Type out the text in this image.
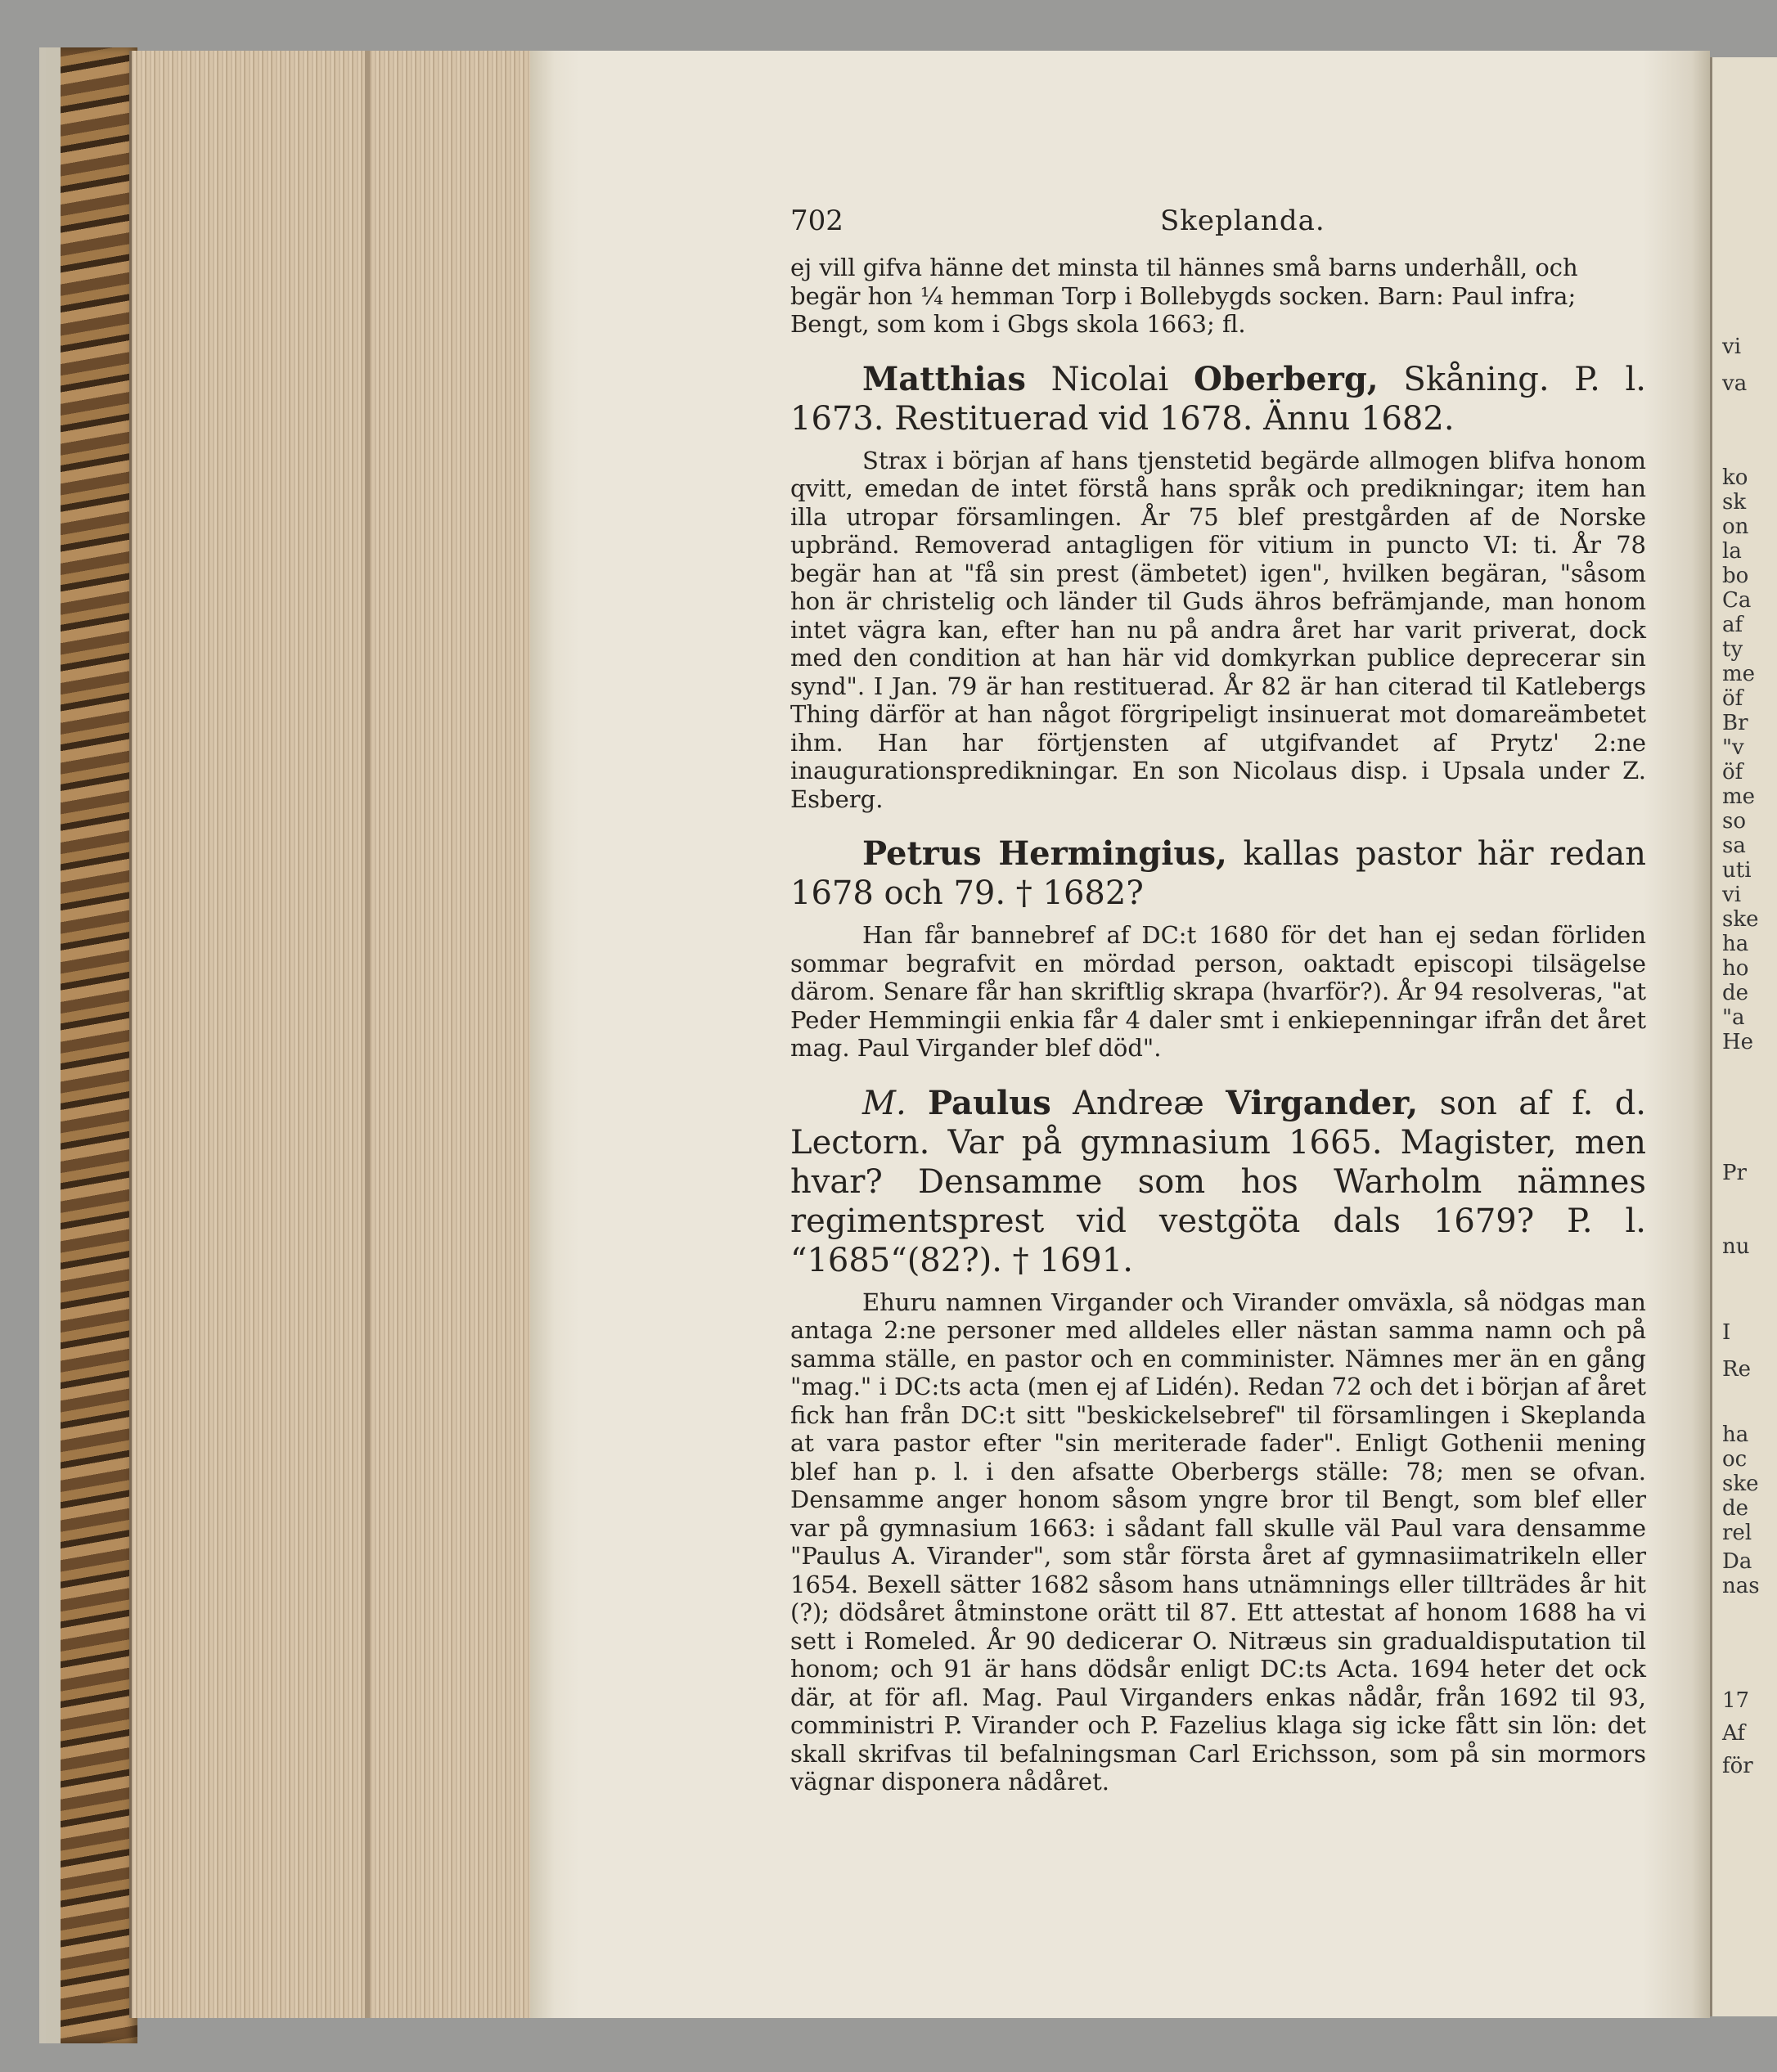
vi
va
ko
sk
on
la
bo
Ca
af
ty
me
öf
Br
"v
öf
me
so
sa
uti
vi
ske
ha
ho
de
"a
He
Pr
nu
I
Re
ha
oc
ske
de
rel
Da
nas
17
Af
för
702	Skeplanda.

ej vill gifva hänne det minsta til hännes små barns underhåll, och
begär hon ¼ hemman Torp i Bollebygds socken. Barn: Paul infra;
Bengt, som kom i Gbgs skola 1663; fl.

Matthias Nicolai Oberberg, Skåning. P. l. 1673. Restituerad vid 1678. Ännu 1682.

Strax i början af hans tjenstetid begärde allmogen blifva honom qvitt, emedan de intet förstå hans språk och predikningar; item han illa utropar församlingen. År 75 blef prestgården af de Norske upbränd. Removerad antagligen för vitium in puncto VI: ti. År 78 begär han at "få sin prest (ämbetet) igen", hvilken begäran, "såsom hon är christelig och länder til Guds ähros befrämjande, man honom intet vägra kan, efter han nu på andra året har varit priverat, dock med den condition at han här vid domkyrkan publice deprecerar sin synd". I Jan. 79 är han restituerad. År 82 är han citerad til Katlebergs Thing därför at han något förgripeligt insinuerat mot domareämbetet ihm. Han har förtjensten af utgifvandet af Prytz' 2:ne inaugurationspredikningar. En son Nicolaus disp. i Upsala under Z. Esberg.

Petrus Hermingius, kallas pastor här redan 1678 och 79. † 1682?

Han får bannebref af DC:t 1680 för det han ej sedan förliden sommar begrafvit en mördad person, oaktadt episcopi tilsägelse därom. Senare får han skriftlig skrapa (hvarför?). År 94 resolveras, "at Peder Hemmingii enkia får 4 daler smt i enkiepenningar ifrån det året mag. Paul Virgander blef död".

M. Paulus Andreæ Virgander, son af f. d. Lectorn. Var på gymnasium 1665. Magister, men hvar? Densamme som hos Warholm nämnes regimentsprest vid vestgöta dals 1679? P. l. “1685“(82?). † 1691.

Ehuru namnen Virgander och Virander omväxla, så nödgas man antaga 2:ne personer med alldeles eller nästan samma namn och på samma ställe, en pastor och en comminister. Nämnes mer än en gång "mag." i DC:ts acta (men ej af Lidén). Redan 72 och det i början af året fick han från DC:t sitt "beskickelsebref" til församlingen i Skeplanda at vara pastor efter "sin meriterade fader". Enligt Gothenii mening blef han p. l. i den afsatte Oberbergs ställe: 78; men se ofvan. Densamme anger honom såsom yngre bror til Bengt, som blef eller var på gymnasium 1663: i sådant fall skulle väl Paul vara densamme "Paulus A. Virander", som står första året af gymnasiimatrikeln eller 1654. Bexell sätter 1682 såsom hans utnämnings eller tillträdes år hit (?); dödsåret åtminstone orätt til 87. Ett attestat af honom 1688 ha vi sett i Romeled. År 90 dedicerar O. Nitræus sin gradualdisputation til honom; och 91 är hans dödsår enligt DC:ts Acta. 1694 heter det ock där, at för afl. Mag. Paul Virganders enkas nådår, från 1692 til 93, comministri P. Virander och P. Fazelius klaga sig icke fått sin lön: det skall skrifvas til befalningsman Carl Erichsson, som på sin mormors vägnar disponera nådåret.
